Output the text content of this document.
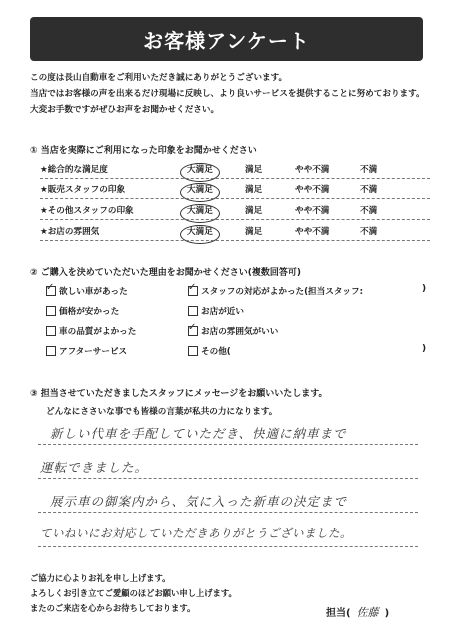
お客様アンケート
この度は長山自動車をご利用いただき誠にありがとうございます。
当店ではお客様の声を出来るだけ現場に反映し、より良いサービスを提供することに努めております。
大変お手数ですがぜひお声をお聞かせください。
① 当店を実際にご利用になった印象をお聞かせください
★総合的な満足度	大満足	満足	やや不満	不満
★販売スタッフの印象	大満足	満足	やや不満	不満
★その他スタッフの印象	大満足	満足	やや不満	不満
★お店の雰囲気	大満足	満足	やや不満	不満
② ご購入を決めていただいた理由をお聞かせください(複数回答可)
✓ 欲しい車があった	✓ スタッフの対応がよかった(担当スタッフ:	)
価格が安かった	お店が近い
車の品質がよかった	✓ お店の雰囲気がいい
アフターサービス	その他(	)
③ 担当させていただきましたスタッフにメッセージをお願いいたします。
どんなにささいな事でも皆様の言葉が私共の力になります。
新しい代車を手配していただき、快適に納車まで
運転できました。
展示車の御案内から、気に入った新車の決定まで
ていねいにお対応していただきありがとうございました。
ご協力に心よりお礼を申し上げます。
よろしくお引き立てご愛顧のほどお願い申し上げます。
またのご来店を心からお待ちしております。	担当( 佐藤 )
